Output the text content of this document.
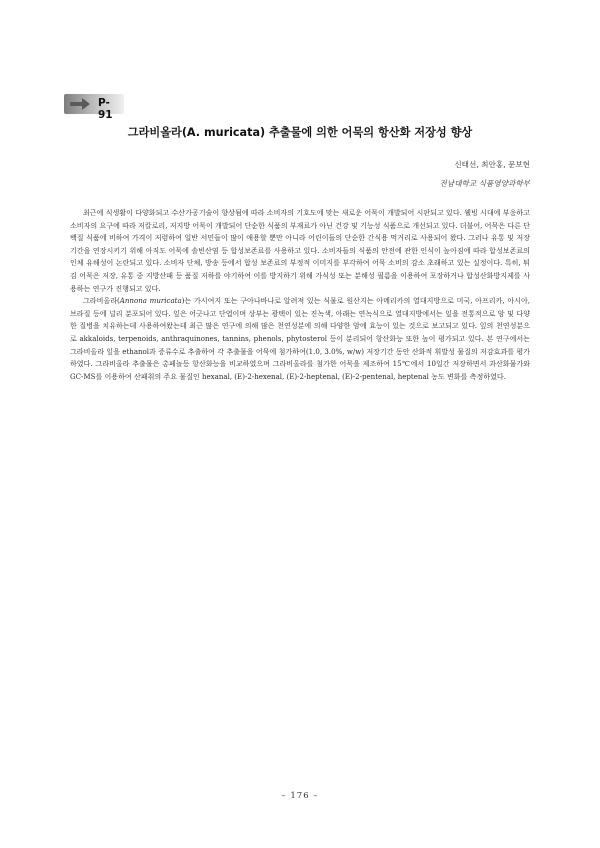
P-91
그라비올라(A. muricata) 추출물에 의한 어묵의 항산화 저장성 향상
신태선, 최안홍, 문보현
전남대학교 식품영양과학부

최근에 식생활이 다양화되고 수산가공기술이 향상됨에 따라 소비자의 기호도에 맞는 새로운 어묵이 개발되어 시판되고 있다. 웰빙 시대에 부응하고 소비자의 요구에 따라 저칼로리, 저지방 어묵이 개발되어 단순한 식품의 부재료가 아닌 건강 및 기능성 식품으로 개선되고 있다. 더불어, 어묵은 다른 단백질 식품에 비하여 가격이 저렴하여 일반 서민들이 많이 애용할 뿐만 아니라 어린이들의 단순한 간식용 먹거리로 사용되어 왔다. 그러나 유통 및 저장기간을 연장시키기 위해 아직도 어묵에 솔빈산염 등 합성보존료를 사용하고 있다. 소비자들의 식품의 안전에 관한 인식이 높아짐에 따라 합성보존료의 인체 유해성이 논란되고 있다. 소비자 단체, 방송 등에서 합성 보존료의 부정적 이미지를 부각하여 어묵 소비의 감소 초래하고 있는 실정이다. 특히, 튀김 어묵은 저장, 유통 중 지방산패 등 품질 저하를 야기하여 이를 방지하기 위해 가식성 또는 분해성 필름을 이용하여 포장하거나 합성산화방지제를 사용하는 연구가 진행되고 있다.

그라비올라(Annona muricata)는 가시여지 또는 구아나바나로 알려져 있는 식물로 원산지는 아메리카의 열대지방으로 미국, 아프리카, 아시아, 브라질 등에 널리 분포되어 있다. 잎은 어긋나고 단엽이며 상부는 광택이 있는 진녹색, 아래는 연녹식으로 열대지방에서는 잎을 전통적으로 암 및 다양한 질병을 치유하는데 사용하여왔는데 최근 많은 연구에 의해 많은 천연성분에 의해 다양한 암에 효능이 있는 것으로 보고되고 있다. 잎의 천연성분으로 akkaloids, terpenoids, anthraquinones, tannins, phenols, phytosterol 등이 분리되어 항산화능 또한 높이 평가되고 있다. 본 연구에서는 그라비올라 잎을 ethanol과 증류수로 추출하여 각 추출물을 어묵에 첨가하여(1.0, 3.0%, w/w) 저장기간 동안 산화적 휘발성 물질의 저감효과를 평가하였다. 그라비올라 추출물은 총페놀등 항산화능을 비교하였으며 그라비올라를 첨가한 어묵을 제조하여 15℃에서 10일간 저장하면서 과산화물가와 GC-MS를 이용하여 산패취의 주요 물질인 hexanal, (E)-2-hexenal, (E)-2-heptenal, (E)-2-pentenal, heptenal 농도 변화를 측정하였다.

– 176 –
